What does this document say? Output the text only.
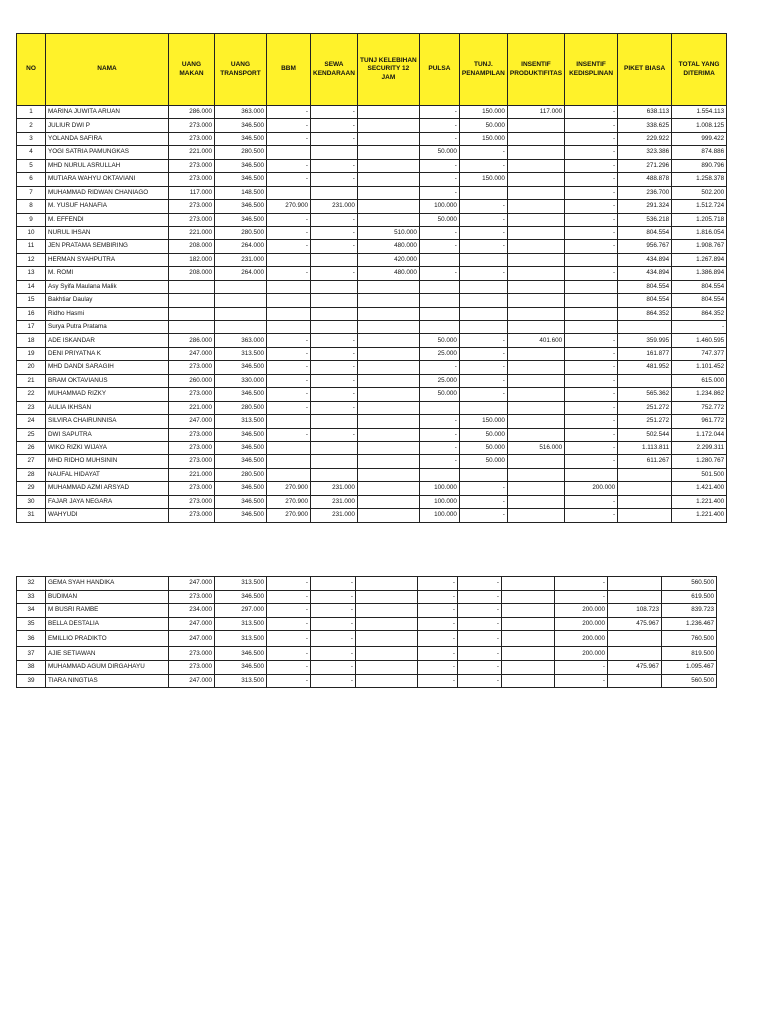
NO	NAMA	UANG MAKAN	UANG TRANSPORT	BBM	SEWA KENDARAAN	TUNJ KELEBIHAN SECURITY 12 JAM	PULSA	TUNJ. PENAMPILAN	INSENTIF PRODUKTIFITAS	INSENTIF KEDISPLINAN	PIKET BIASA	TOTAL YANG DITERIMA
1	MARINA JUWITA ARUAN	286.000	363.000	-	-		-	150.000	117.000	-	638.113	1.554.113
2	JULIUR DWI P	273.000	346.500	-	-		-	50.000		-	338.625	1.008.125
3	YOLANDA SAFIRA	273.000	346.500	-	-		-	150.000		-	229.922	999.422
4	YOGI SATRIA PAMUNGKAS	221.000	280.500				50.000	-		-	323.386	874.886
5	MHD NURUL ASRULLAH	273.000	346.500	-	-		-	-		-	271.296	890.796
6	MUTIARA WAHYU OKTAVIANI	273.000	346.500	-	-		-	150.000		-	488.878	1.258.378
7	MUHAMMAD RIDWAN CHANIAGO	117.000	148.500				-			-	236.700	502.200
8	M. YUSUF HANAFIA	273.000	346.500	270.900	231.000		100.000	-		-	291.324	1.512.724
9	M. EFFENDI	273.000	346.500	-	-		50.000	-		-	536.218	1.205.718
10	NURUL IHSAN	221.000	280.500	-	-	510.000	-	-		-	804.554	1.816.054
11	JEN PRATAMA SEMBIRING	208.000	264.000	-	-	480.000	-	-		-	956.767	1.908.767
12	HERMAN SYAHPUTRA	182.000	231.000			420.000					434.894	1.267.894
13	M. ROMI	208.000	264.000	-	-	480.000	-	-		-	434.894	1.386.894
14	Asy Syifa Maulana Malik										804.554	804.554
15	Bakhtiar Daulay										804.554	804.554
16	Ridho Hasmi										864.352	864.352
17	Surya Putra Pratama											-
18	ADE ISKANDAR	286.000	363.000	-	-		50.000	-	401.600	-	359.995	1.460.595
19	DENI PRIYATNA K	247.000	313.500	-	-		25.000	-		-	161.877	747.377
20	MHD DANDI SARAGIH	273.000	346.500	-	-		-	-		-	481.952	1.101.452
21	BRAM OKTAVIANUS	260.000	330.000	-	-		25.000	-		-		615.000
22	MUHAMMAD RIZKY	273.000	346.500	-	-		50.000	-		-	565.362	1.234.862
23	AULIA IKHSAN	221.000	280.500	-	-					-	251.272	752.772
24	SILVIRA CHAIRUNNISA	247.000	313.500				-	150.000		-	251.272	961.772
25	DWI SAPUTRA	273.000	346.500	-	-		-	50.000		-	502.544	1.172.044
26	WIKO RIZKI WIJAYA	273.000	346.500				-	50.000	516.000	-	1.113.811	2.299.311
27	MHD RIDHO MUHSININ	273.000	346.500				-	50.000		-	611.267	1.280.767
28	NAUFAL HIDAYAT	221.000	280.500									501.500
29	MUHAMMAD AZMI ARSYAD	273.000	346.500	270.900	231.000		100.000	-		200.000		1.421.400
30	FAJAR JAYA NEGARA	273.000	346.500	270.900	231.000		100.000	-		-		1.221.400
31	WAHYUDI	273.000	346.500	270.900	231.000		100.000	-		-		1.221.400
32	GEMA SYAH HANDIKA	247.000	313.500	-	-		-	-		-		560.500
33	BUDIMAN	273.000	346.500	-	-		-	-		-		619.500
34	M BUSRI RAMBE	234.000	297.000	-	-		-	-		200.000	108.723	839.723
35	BELLA DESTALIA	247.000	313.500	-	-		-	-		200.000	475.967	1.236.467
36	EMILLIO PRADIKTO	247.000	313.500	-	-		-	-		200.000		760.500
37	AJIE SETIAWAN	273.000	346.500	-	-		-	-		200.000		819.500
38	MUHAMMAD AGUM DIRGAHAYU	273.000	346.500	-	-		-	-		-	475.967	1.095.467
39	TIARA NINGTIAS	247.000	313.500	-	-		-	-		-		560.500
